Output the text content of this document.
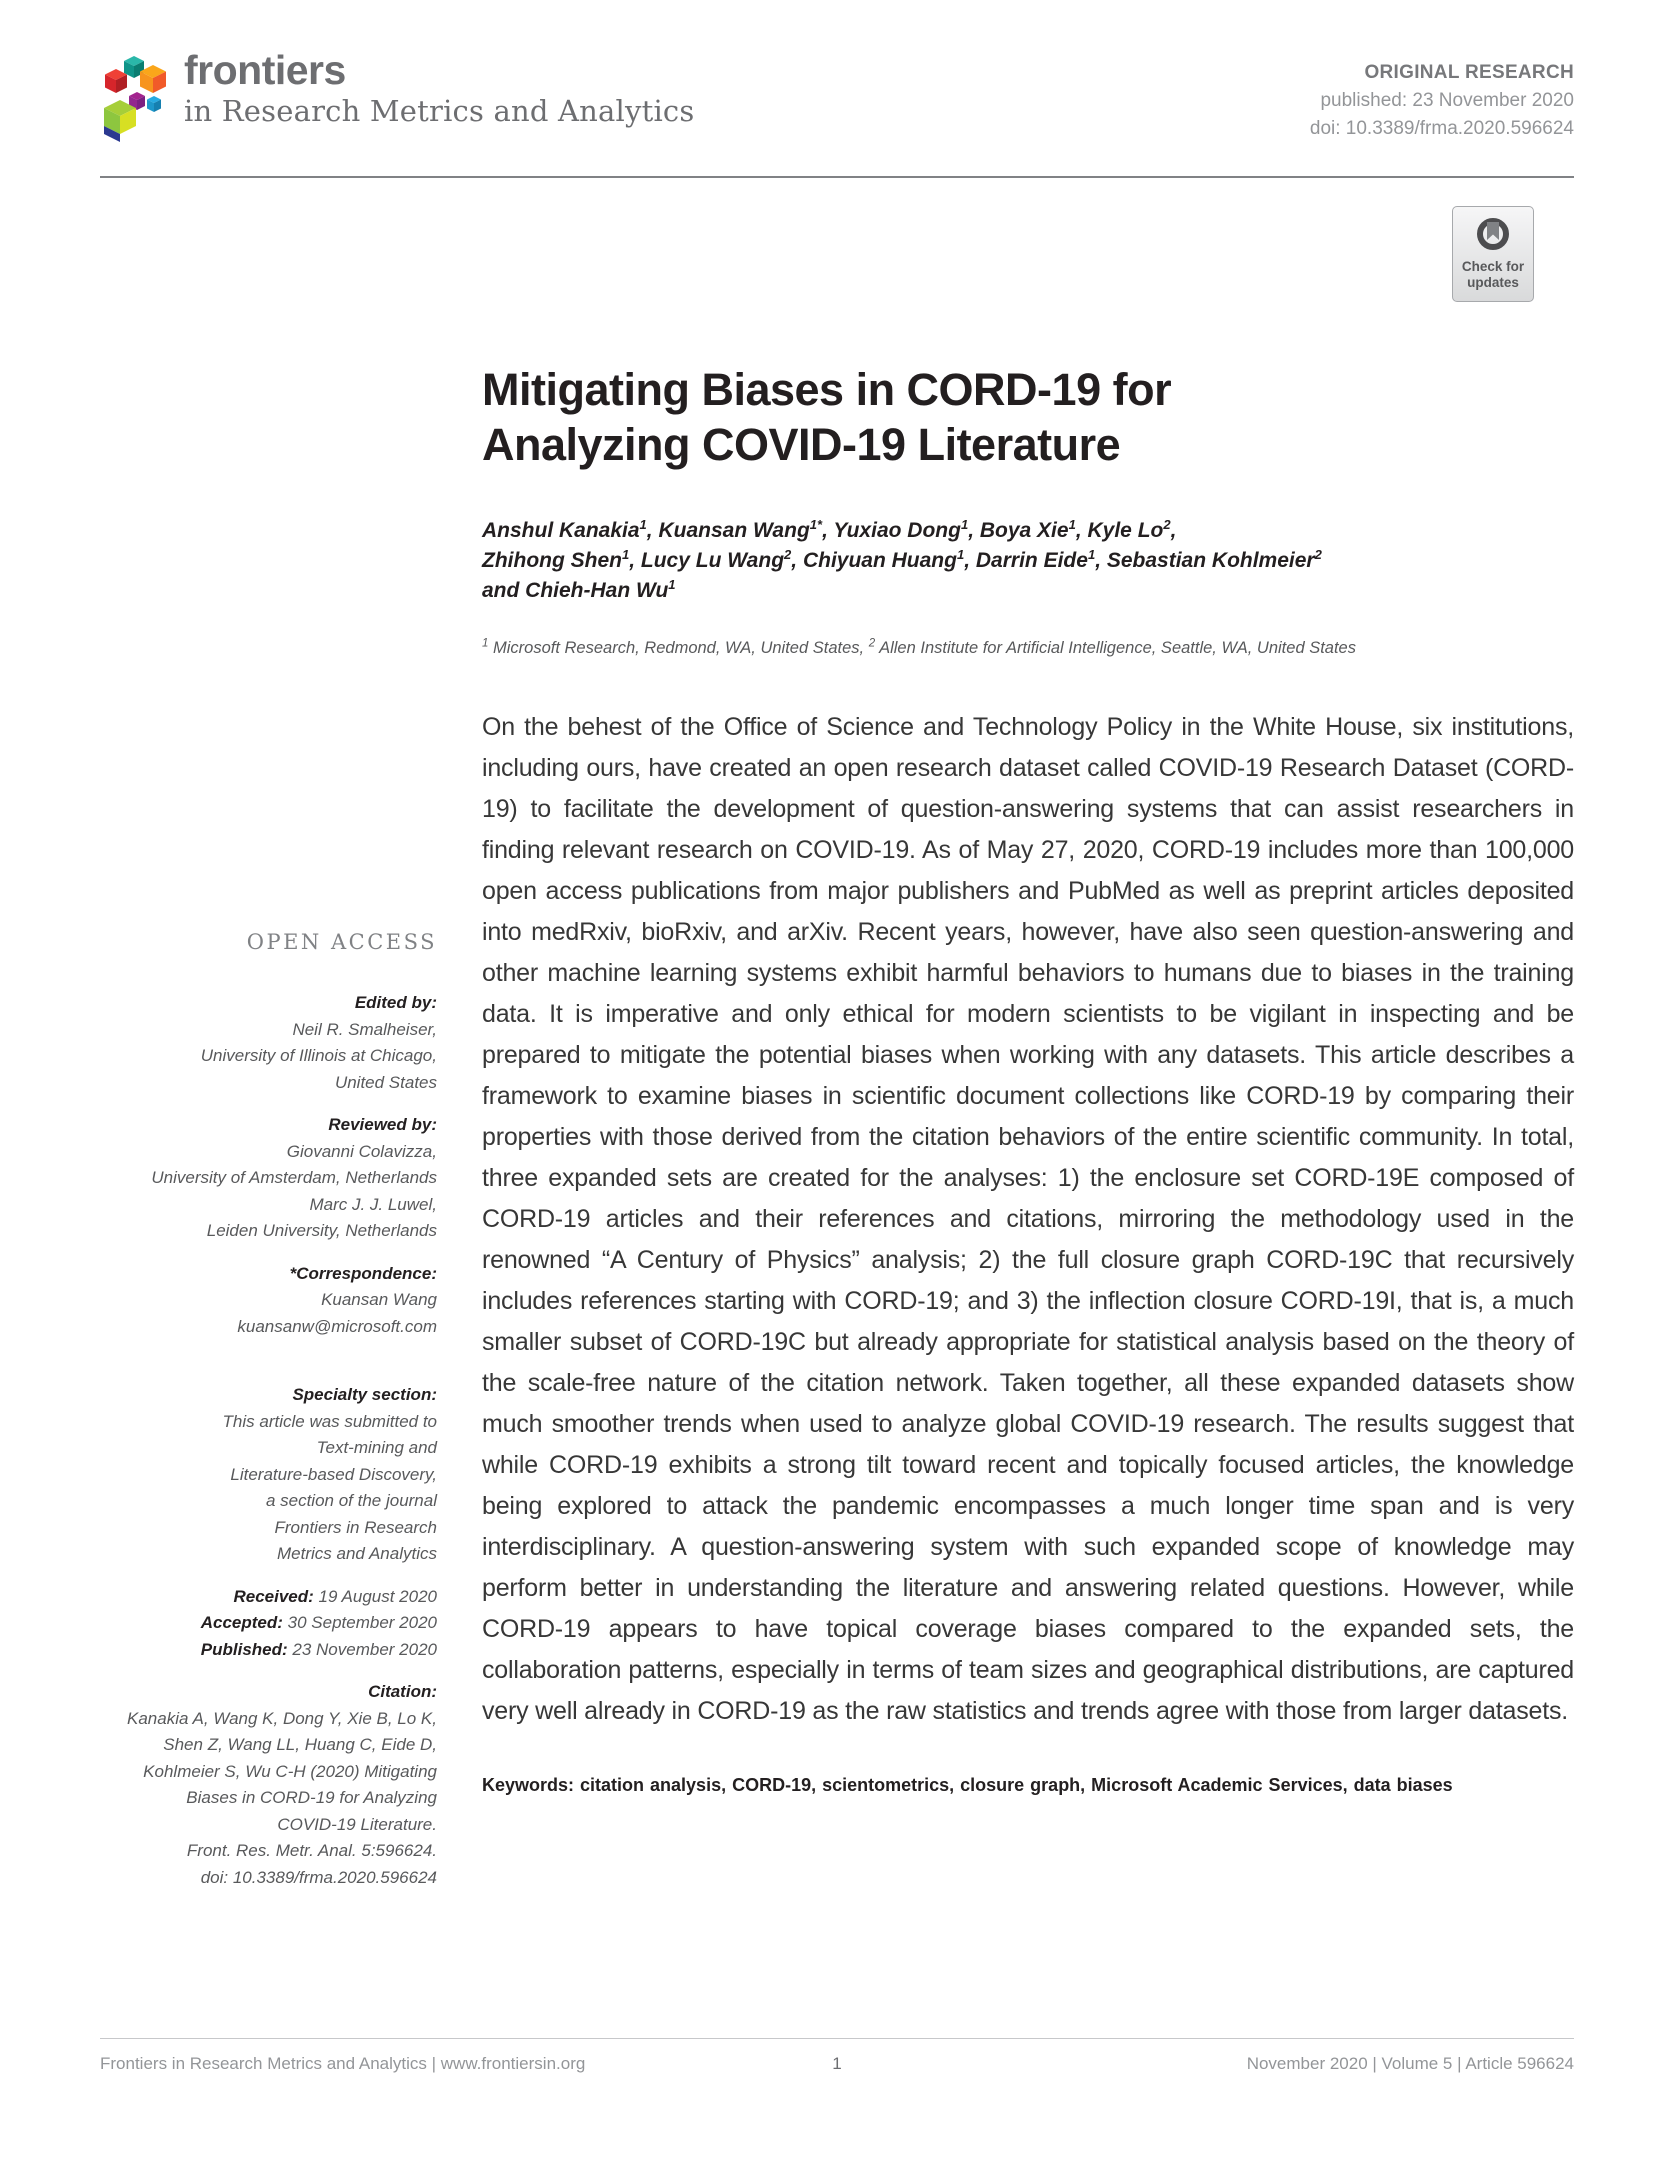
frontiers
in Research Metrics and Analytics
ORIGINAL RESEARCH
published: 23 November 2020
doi: 10.3389/frma.2020.596624
Check for
updates
OPEN ACCESS
Edited by:
Neil R. Smalheiser,
University of Illinois at Chicago,
United States
Reviewed by:
Giovanni Colavizza,
University of Amsterdam, Netherlands
Marc J. J. Luwel,
Leiden University, Netherlands
*Correspondence:
Kuansan Wang
kuansanw@microsoft.com
Specialty section:
This article was submitted to
Text-mining and
Literature-based Discovery,
a section of the journal
Frontiers in Research
Metrics and Analytics
Received: 19 August 2020
Accepted: 30 September 2020
Published: 23 November 2020
Citation:
Kanakia A, Wang K, Dong Y, Xie B, Lo K,
Shen Z, Wang LL, Huang C, Eide D,
Kohlmeier S, Wu C-H (2020) Mitigating
Biases in CORD-19 for Analyzing
COVID-19 Literature.
Front. Res. Metr. Anal. 5:596624.
doi: 10.3389/frma.2020.596624
Mitigating Biases in CORD-19 for
Analyzing COVID-19 Literature
Anshul Kanakia$^1$, Kuansan Wang$^{1*}$, Yuxiao Dong$^1$, Boya Xie$^1$, Kyle Lo$^2$,
Zhihong Shen$^1$, Lucy Lu Wang$^2$, Chiyuan Huang$^1$, Darrin Eide$^1$, Sebastian Kohlmeier$^2$
and Chieh-Han Wu$^1$
$^1$ Microsoft Research, Redmond, WA, United States, $^2$ Allen Institute for Artificial Intelligence, Seattle, WA, United States

On the behest of the Office of Science and Technology Policy in the White House, six institutions, including ours, have created an open research dataset called COVID-19 Research Dataset (CORD-19) to facilitate the development of question-answering systems that can assist researchers in finding relevant research on COVID-19. As of May 27, 2020, CORD-19 includes more than 100,000 open access publications from major publishers and PubMed as well as preprint articles deposited into medRxiv, bioRxiv, and arXiv. Recent years, however, have also seen question-answering and other machine learning systems exhibit harmful behaviors to humans due to biases in the training data. It is imperative and only ethical for modern scientists to be vigilant in inspecting and be prepared to mitigate the potential biases when working with any datasets. This article describes a framework to examine biases in scientific document collections like CORD-19 by comparing their properties with those derived from the citation behaviors of the entire scientific community. In total, three expanded sets are created for the analyses: 1) the enclosure set CORD-19E composed of CORD-19 articles and their references and citations, mirroring the methodology used in the renowned “A Century of Physics” analysis; 2) the full closure graph CORD-19C that recursively includes references starting with CORD-19; and 3) the inflection closure CORD-19I, that is, a much smaller subset of CORD-19C but already appropriate for statistical analysis based on the theory of the scale-free nature of the citation network. Taken together, all these expanded datasets show much smoother trends when used to analyze global COVID-19 research. The results suggest that while CORD-19 exhibits a strong tilt toward recent and topically focused articles, the knowledge being explored to attack the pandemic encompasses a much longer time span and is very interdisciplinary. A question-answering system with such expanded scope of knowledge may perform better in understanding the literature and answering related questions. However, while CORD-19 appears to have topical coverage biases compared to the expanded sets, the collaboration patterns, especially in terms of team sizes and geographical distributions, are captured very well already in CORD-19 as the raw statistics and trends agree with those from larger datasets.

Keywords: citation analysis, CORD-19, scientometrics, closure graph, Microsoft Academic Services, data biases

Frontiers in Research Metrics and Analytics | www.frontiersin.org	1	November 2020 | Volume 5 | Article 596624
